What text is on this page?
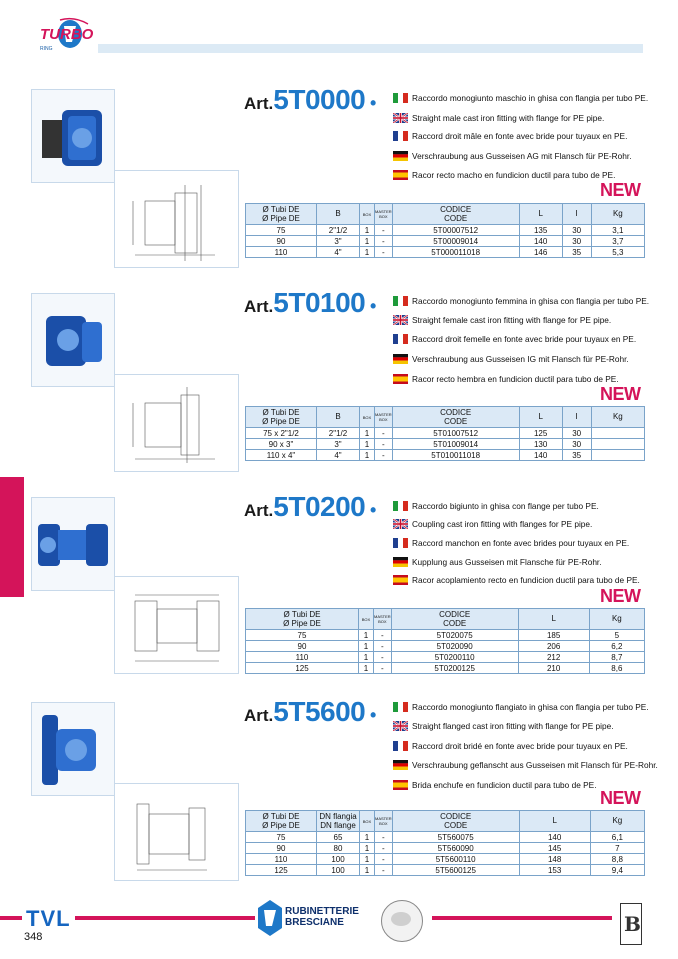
TURBO
RING
Art.5T0000 •	Raccordo monogiunto maschio in ghisa con flangia per tubo PE.
Straight male cast iron fitting with flange for PE pipe.
Raccord droit mâle en fonte avec bride pour tuyaux en PE.
Verschraubung aus Gusseisen AG mit Flansch für PE-Rohr.
Racor recto macho en fundicion ductil para tubo de PE.
NEW
Ø Tubi DE
Ø Pipe DE	B	BOX	MASTER
BOX	CODICE
CODE	L	I	Kg
75	2"1/2	1	-	5T00007512	135	30	3,1
90	3"	1	-	5T00009014	140	30	3,7
110	4"	1	-	5T000011018	146	35	5,3
Art.5T0100 •	Raccordo monogiunto femmina in ghisa con flangia per tubo PE.
Straight female cast iron fitting with flange for PE pipe.
Raccord droit femelle en fonte avec bride pour tuyaux en PE.
Verschraubung aus Gusseisen IG mit Flansch für PE-Rohr.
Racor recto hembra en fundicion ductil para tubo de PE.
NEW
Ø Tubi DE
Ø Pipe DE	B	BOX	MASTER
BOX	CODICE
CODE	L	I	Kg
75 x 2"1/2	2"1/2	1	-	5T01007512	125	30	
90 x 3"	3"	1	-	5T01009014	130	30	
110 x 4"	4"	1	-	5T010011018	140	35	
Art.5T0200 •	Raccordo bigiunto in ghisa con flange per tubo PE.
Coupling cast iron fitting with flanges for PE pipe.
Raccord manchon en fonte avec brides pour tuyaux en PE.
Kupplung aus Gusseisen mit Flansche für PE-Rohr.
Racor acoplamiento recto en fundicion ductil para tubo de PE.
NEW
Ø Tubi DE
Ø Pipe DE	BOX	MASTER
BOX	CODICE
CODE	L	Kg
75	1	-	5T020075	185	5
90	1	-	5T020090	206	6,2
110	1	-	5T0200110	212	8,7
125	1	-	5T0200125	210	8,6
Art.5T5600 •	Raccordo monogiunto flangiato in ghisa con flangia per tubo PE.
Straight flanged cast iron fitting with flange for PE pipe.
Raccord droit bridé en fonte avec bride pour tuyaux en PE.
Verschraubung geflanscht aus Gusseisen mit Flansch für PE-Rohr.
Brida enchufe en fundicion ductil para tubo de PE.
NEW
Ø Tubi DE
Ø Pipe DE	DN flangia
DN flange	BOX	MASTER
BOX	CODICE
CODE	L	Kg
75	65	1	-	5T560075	140	6,1
90	80	1	-	5T560090	145	7
110	100	1	-	5T5600110	148	8,8
125	100	1	-	5T5600125	153	9,4
TVL
348
RUBINETTERIE
BRESCIANE	B
